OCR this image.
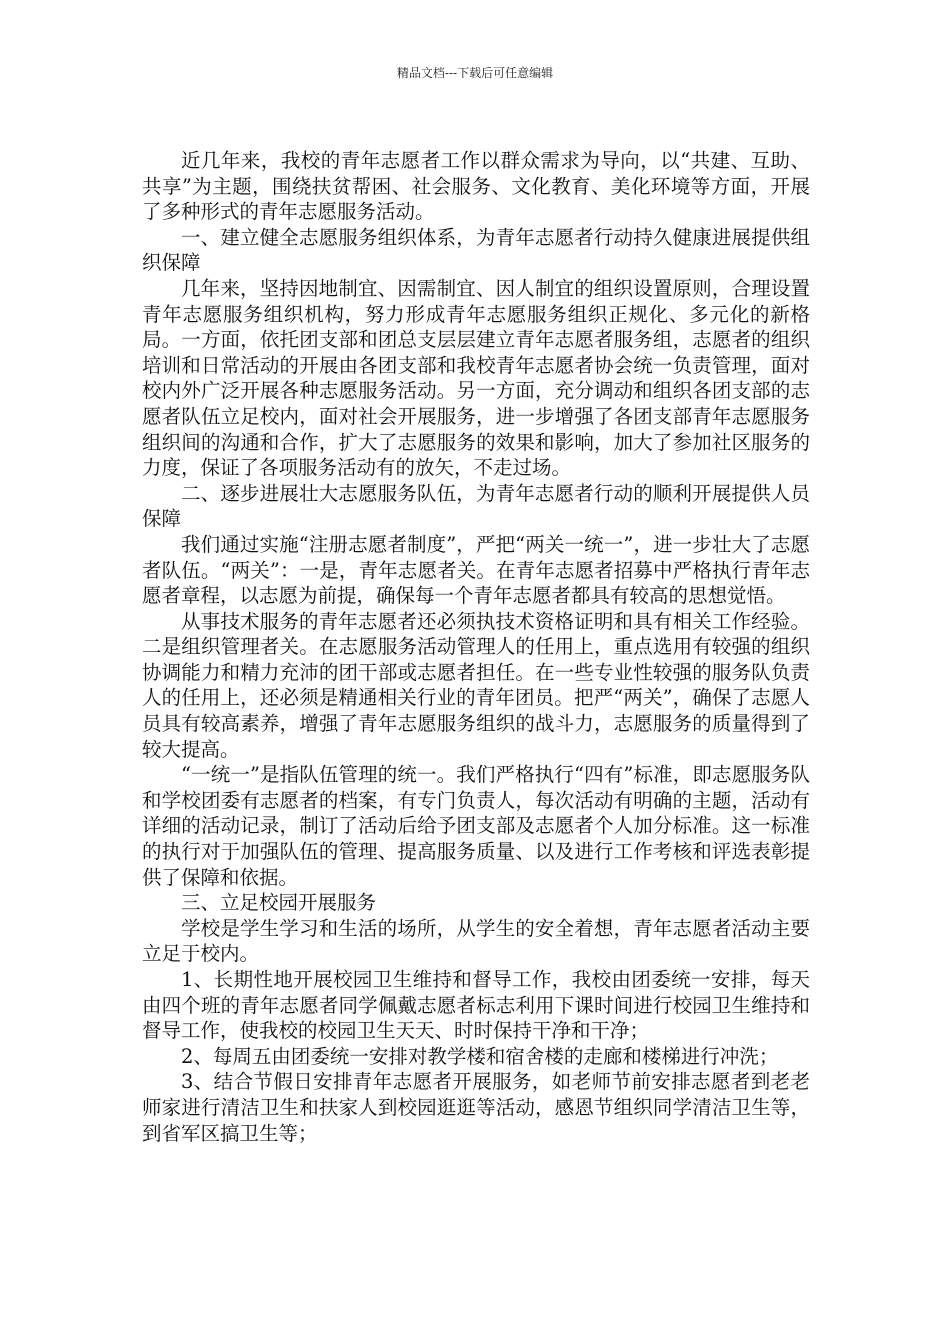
精品文档---下载后可任意编辑

近几年来，我校的青年志愿者工作以群众需求为导向，以“共建、互助、共享”为主题，围绕扶贫帮困、社会服务、文化教育、美化环境等方面，开展了多种形式的青年志愿服务活动。

一、建立健全志愿服务组织体系，为青年志愿者行动持久健康进展提供组织保障

几年来，坚持因地制宜、因需制宜、因人制宜的组织设置原则，合理设置青年志愿服务组织机构，努力形成青年志愿服务组织正规化、多元化的新格局。一方面，依托团支部和团总支层层建立青年志愿者服务组，志愿者的组织培训和日常活动的开展由各团支部和我校青年志愿者协会统一负责管理，面对校内外广泛开展各种志愿服务活动。另一方面，充分调动和组织各团支部的志愿者队伍立足校内，面对社会开展服务，进一步增强了各团支部青年志愿服务组织间的沟通和合作，扩大了志愿服务的效果和影响，加大了参加社区服务的力度，保证了各项服务活动有的放矢，不走过场。

二、逐步进展壮大志愿服务队伍，为青年志愿者行动的顺利开展提供人员保障

我们通过实施“注册志愿者制度”，严把“两关一统一”，进一步壮大了志愿者队伍。“两关”：一是，青年志愿者关。在青年志愿者招募中严格执行青年志愿者章程，以志愿为前提，确保每一个青年志愿者都具有较高的思想觉悟。

从事技术服务的青年志愿者还必须执技术资格证明和具有相关工作经验。二是组织管理者关。在志愿服务活动管理人的任用上，重点选用有较强的组织协调能力和精力充沛的团干部或志愿者担任。在一些专业性较强的服务队负责人的任用上，还必须是精通相关行业的青年团员。把严“两关”，确保了志愿人员具有较高素养，增强了青年志愿服务组织的战斗力，志愿服务的质量得到了较大提高。

“一统一”是指队伍管理的统一。我们严格执行“四有”标准，即志愿服务队和学校团委有志愿者的档案，有专门负责人，每次活动有明确的主题，活动有详细的活动记录，制订了活动后给予团支部及志愿者个人加分标准。这一标准的执行对于加强队伍的管理、提高服务质量、以及进行工作考核和评选表彰提供了保障和依据。

三、立足校园开展服务

学校是学生学习和生活的场所，从学生的安全着想，青年志愿者活动主要立足于校内。

1、长期性地开展校园卫生维持和督导工作，我校由团委统一安排，每天由四个班的青年志愿者同学佩戴志愿者标志利用下课时间进行校园卫生维持和督导工作，使我校的校园卫生天天、时时保持干净和干净；

2、每周五由团委统一安排对教学楼和宿舍楼的走廊和楼梯进行冲洗；

3、结合节假日安排青年志愿者开展服务，如老师节前安排志愿者到老老师家进行清洁卫生和扶家人到校园逛逛等活动，感恩节组织同学清洁卫生等，到省军区搞卫生等；
